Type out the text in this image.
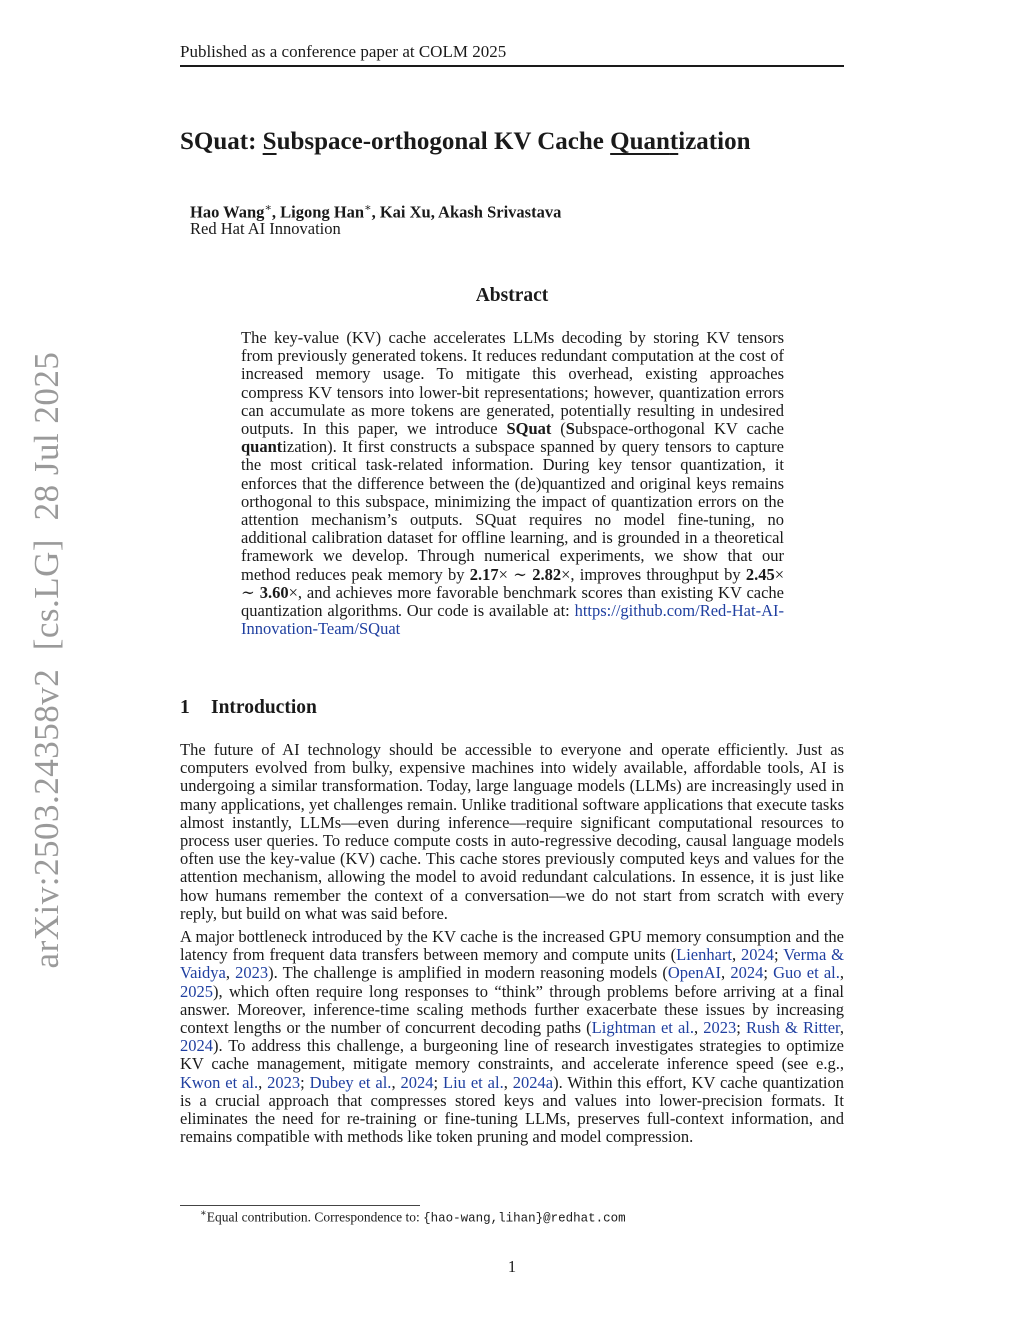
Published as a conference paper at COLM 2025
SQuat: Subspace-orthogonal KV Cache Quantization
Hao Wang∗, Ligong Han∗, Kai Xu, Akash Srivastava
Red Hat AI Innovation
Abstract

The key-value (KV) cache accelerates LLMs decoding by storing KV tensors from previously generated tokens. It reduces redundant computation at the cost of increased memory usage. To mitigate this overhead, existing approaches compress KV tensors into lower-bit representations; however, quantization errors can accumulate as more tokens are generated, potentially resulting in undesired outputs. In this paper, we introduce SQuat (Subspace-orthogonal KV cache quantization). It first constructs a subspace spanned by query tensors to capture the most critical task-related information. During key tensor quantization, it enforces that the difference between the (de)quantized and original keys remains orthogonal to this subspace, minimizing the impact of quantization errors on the attention mechanism’s outputs. SQuat requires no model fine-tuning, no additional calibration dataset for offline learning, and is grounded in a theoretical framework we develop. Through numerical experiments, we show that our method reduces peak memory by 2.17× ∼ 2.82×, improves throughput by 2.45× ∼ 3.60×, and achieves more favorable benchmark scores than existing KV cache quantization algorithms. Our code is available at: https://github.com/Red-Hat-AI-Innovation-Team/SQuat

1 Introduction

The future of AI technology should be accessible to everyone and operate efficiently. Just as computers evolved from bulky, expensive machines into widely available, affordable tools, AI is undergoing a similar transformation. Today, large language models (LLMs) are increasingly used in many applications, yet challenges remain. Unlike traditional software applications that execute tasks almost instantly, LLMs—even during inference—require significant computational resources to process user queries. To reduce compute costs in auto-regressive decoding, causal language models often use the key-value (KV) cache. This cache stores previously computed keys and values for the attention mechanism, allowing the model to avoid redundant calculations. In essence, it is just like how humans remember the context of a conversation—we do not start from scratch with every reply, but build on what was said before.

A major bottleneck introduced by the KV cache is the increased GPU memory consumption and the latency from frequent data transfers between memory and compute units (Lienhart, 2024; Verma & Vaidya, 2023). The challenge is amplified in modern reasoning models (OpenAI, 2024; Guo et al., 2025), which often require long responses to “think” through problems before arriving at a final answer. Moreover, inference-time scaling methods further exacerbate these issues by increasing context lengths or the number of concurrent decoding paths (Lightman et al., 2023; Rush & Ritter, 2024). To address this challenge, a burgeoning line of research investigates strategies to optimize KV cache management, mitigate memory constraints, and accelerate inference speed (see e.g., Kwon et al., 2023; Dubey et al., 2024; Liu et al., 2024a). Within this effort, KV cache quantization is a crucial approach that compresses stored keys and values into lower-precision formats. It eliminates the need for re-training or fine-tuning LLMs, preserves full-context information, and remains compatible with methods like token pruning and model compression.

∗Equal contribution. Correspondence to: {hao-wang,lihan}@redhat.com
1
arXiv:2503.24358v2  [cs.LG]  28 Jul 2025
